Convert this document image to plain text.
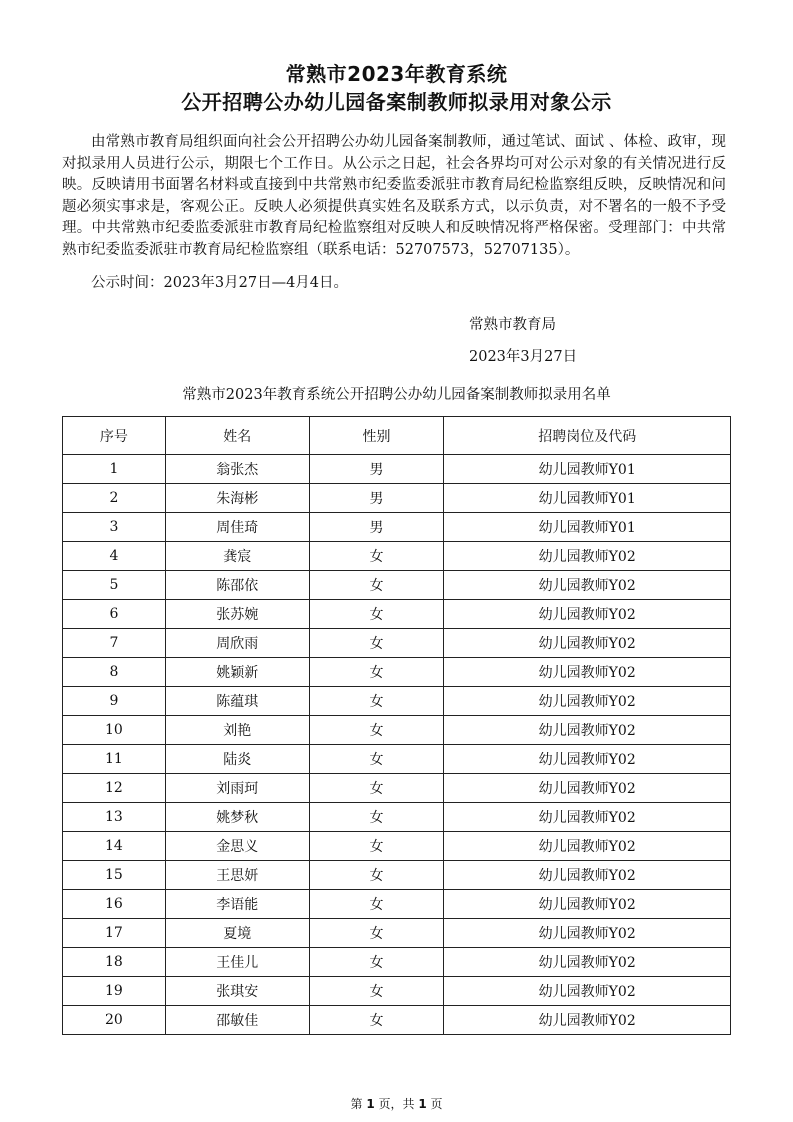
常熟市2023年教育系统
公开招聘公办幼儿园备案制教师拟录用对象公示

由常熟市教育局组织面向社会公开招聘公办幼儿园备案制教师，通过笔试、面试 、体检、政审，现对拟录用人员进行公示，期限七个工作日。从公示之日起，社会各界均可对公示对象的有关情况进行反映。反映请用书面署名材料或直接到中共常熟市纪委监委派驻市教育局纪检监察组反映，反映情况和问题必须实事求是，客观公正。反映人必须提供真实姓名及联系方式，以示负责，对不署名的一般不予受理。中共常熟市纪委监委派驻市教育局纪检监察组对反映人和反映情况将严格保密。受理部门：中共常熟市纪委监委派驻市教育局纪检监察组（联系电话：52707573，52707135）。

公示时间：2023年3月27日—4月4日。

常熟市教育局
2023年3月27日
常熟市2023年教育系统公开招聘公办幼儿园备案制教师拟录用名单
序号	姓名	性别	招聘岗位及代码
1	翁张杰	男	幼儿园教师Y01
2	朱海彬	男	幼儿园教师Y01
3	周佳琦	男	幼儿园教师Y01
4	龚宸	女	幼儿园教师Y02
5	陈邵依	女	幼儿园教师Y02
6	张苏婉	女	幼儿园教师Y02
7	周欣雨	女	幼儿园教师Y02
8	姚颖新	女	幼儿园教师Y02
9	陈蕴琪	女	幼儿园教师Y02
10	刘艳	女	幼儿园教师Y02
11	陆炎	女	幼儿园教师Y02
12	刘雨珂	女	幼儿园教师Y02
13	姚梦秋	女	幼儿园教师Y02
14	金思义	女	幼儿园教师Y02
15	王思妍	女	幼儿园教师Y02
16	李语能	女	幼儿园教师Y02
17	夏境	女	幼儿园教师Y02
18	王佳儿	女	幼儿园教师Y02
19	张琪安	女	幼儿园教师Y02
20	邵敏佳	女	幼儿园教师Y02
第 1 页，共 1 页
